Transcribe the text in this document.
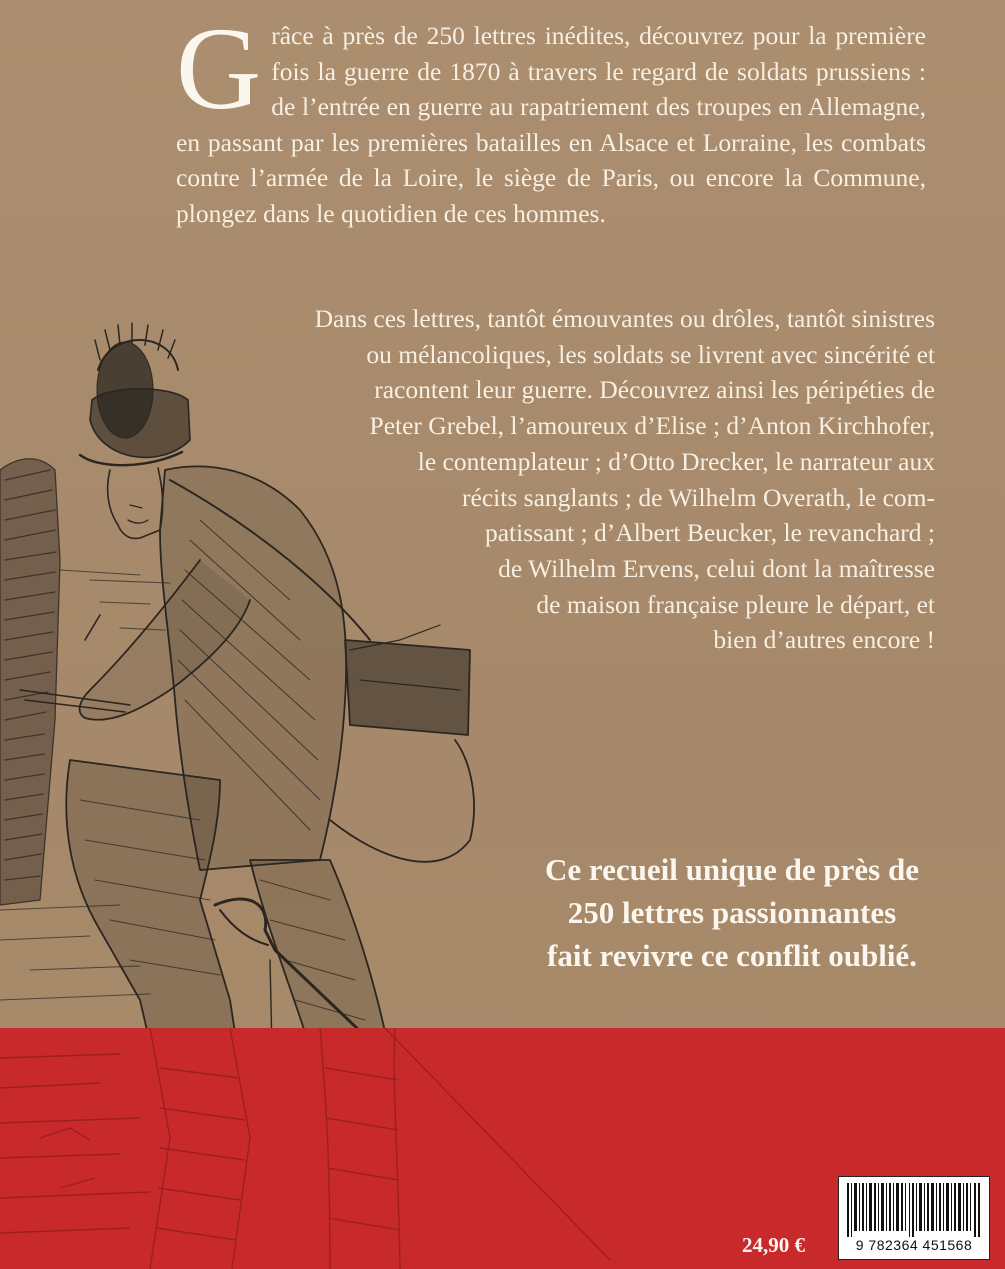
Grâce à près de 250 lettres inédites, découvrez pour la première fois la guerre de 1870 à travers le regard de soldats prussiens : de l’entrée en guerre au rapatriement des troupes en Allemagne, en passant par les premières batailles en Alsace et Lorraine, les combats contre l’armée de la Loire, le siège de Paris, ou encore la Commune, plongez dans le quotidien de ces hommes.

Dans ces lettres, tantôt émouvantes ou drôles, tantôt sinistres
ou mélancoliques, les soldats se livrent avec sincérité et
racontent leur guerre. Découvrez ainsi les péripéties de
Peter Grebel, l’amoureux d’Elise ; d’Anton Kirchhofer,
le contemplateur ; d’Otto Drecker, le narrateur aux
récits sanglants ; de Wilhelm Overath, le com-
patissant ; d’Albert Beucker, le revanchard ;
de Wilhelm Ervens, celui dont la maîtresse
de maison française pleure le départ, et
bien d’autres encore !

Ce recueil unique de près de
250 lettres passionnantes
fait revivre ce conflit oublié.

24,90 €	9 782364 451568
